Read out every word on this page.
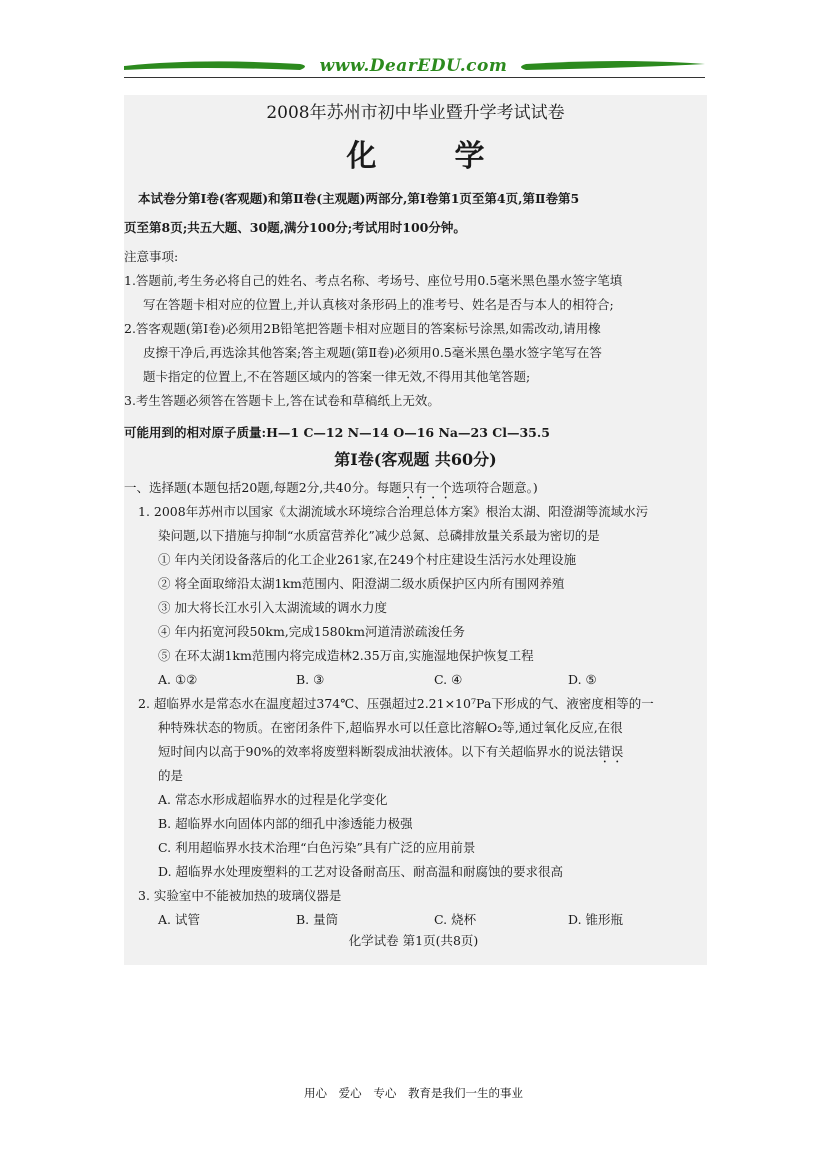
www.DearEDU.com
2008年苏州市初中毕业暨升学考试试卷
化学
本试卷分第Ⅰ卷(客观题)和第Ⅱ卷(主观题)两部分,第Ⅰ卷第1页至第4页,第Ⅱ卷第5
页至第8页;共五大题、30题,满分100分;考试用时100分钟。
注意事项:
1.答题前,考生务必将自己的姓名、考点名称、考场号、座位号用0.5毫米黑色墨水签字笔填
写在答题卡相对应的位置上,并认真核对条形码上的准考号、姓名是否与本人的相符合;
2.答客观题(第Ⅰ卷)必须用2B铅笔把答题卡相对应题目的答案标号涂黑,如需改动,请用橡
皮擦干净后,再选涂其他答案;答主观题(第Ⅱ卷)必须用0.5毫米黑色墨水签字笔写在答
题卡指定的位置上,不在答题区域内的答案一律无效,不得用其他笔答题;
3.考生答题必须答在答题卡上,答在试卷和草稿纸上无效。
可能用到的相对原子质量:H—1 C—12 N—14 O—16 Na—23 Cl—35.5
第Ⅰ卷(客观题 共60分)
一、选择题(本题包括20题,每题2分,共40分。每题只有一个选项符合题意。)
1. 2008年苏州市以国家《太湖流域水环境综合治理总体方案》根治太湖、阳澄湖等流域水污
染问题,以下措施与抑制“水质富营养化”减少总氮、总磷排放量关系最为密切的是
① 年内关闭设备落后的化工企业261家,在249个村庄建设生活污水处理设施
② 将全面取缔沿太湖1km范围内、阳澄湖二级水质保护区内所有围网养殖
③ 加大将长江水引入太湖流域的调水力度
④ 年内拓宽河段50km,完成1580km河道清淤疏浚任务
⑤ 在环太湖1km范围内将完成造林2.35万亩,实施湿地保护恢复工程
A. ①②	B. ③	C. ④	D. ⑤
2. 超临界水是常态水在温度超过374℃、压强超过2.21×10⁷Pa下形成的气、液密度相等的一
种特殊状态的物质。在密闭条件下,超临界水可以任意比溶解O₂等,通过氧化反应,在很
短时间内以高于90%的效率将废塑料断裂成油状液体。以下有关超临界水的说法错误
的是
A. 常态水形成超临界水的过程是化学变化
B. 超临界水向固体内部的细孔中渗透能力极强
C. 利用超临界水技术治理“白色污染”具有广泛的应用前景
D. 超临界水处理废塑料的工艺对设备耐高压、耐高温和耐腐蚀的要求很高
3. 实验室中不能被加热的玻璃仪器是
A. 试管	B. 量筒	C. 烧杯	D. 锥形瓶
化学试卷 第1页(共8页)
用心 爱心 专心 教育是我们一生的事业
